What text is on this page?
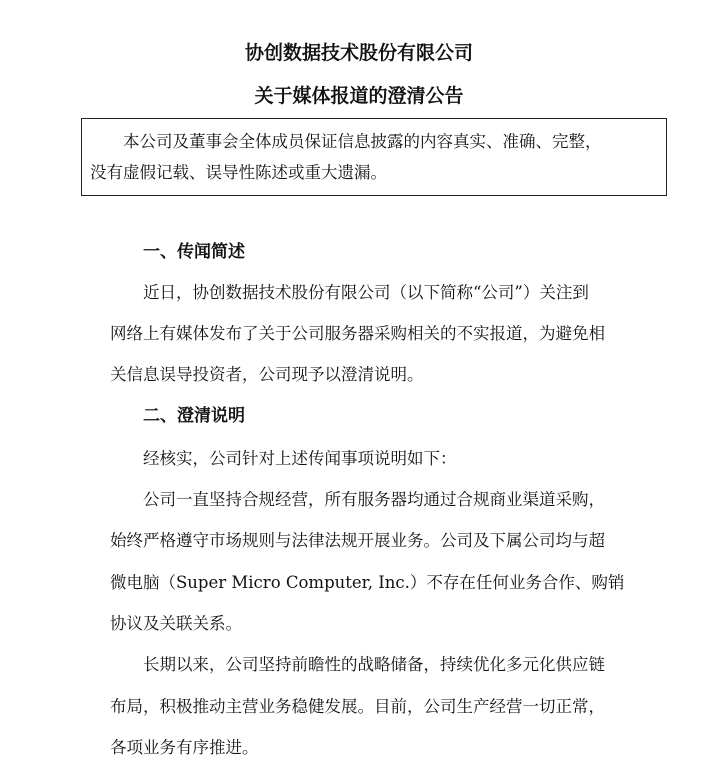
协创数据技术股份有限公司
关于媒体报道的澄清公告
本公司及董事会全体成员保证信息披露的内容真实、准确、完整，
没有虚假记载、误导性陈述或重大遗漏。
一、传闻简述
近日，协创数据技术股份有限公司（以下简称“公司”）关注到
网络上有媒体发布了关于公司服务器采购相关的不实报道，为避免相
关信息误导投资者，公司现予以澄清说明。
二、澄清说明
经核实，公司针对上述传闻事项说明如下：
公司一直坚持合规经营，所有服务器均通过合规商业渠道采购，
始终严格遵守市场规则与法律法规开展业务。公司及下属公司均与超
微电脑（Super Micro Computer, Inc.）不存在任何业务合作、购销
协议及关联关系。
长期以来，公司坚持前瞻性的战略储备，持续优化多元化供应链
布局，积极推动主营业务稳健发展。目前，公司生产经营一切正常，
各项业务有序推进。
